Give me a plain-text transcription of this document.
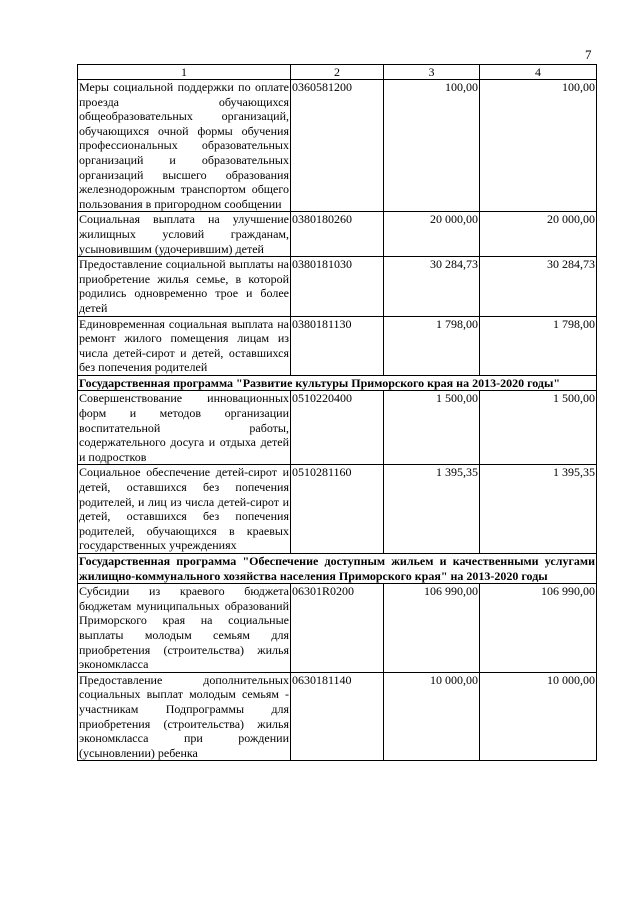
7
1	2	3	4
Меры социальной поддержки по оплате проезда обучающихся общеобразовательных организаций, обучающихся очной формы обучения профессиональных образовательных организаций и образовательных организаций высшего образования железнодорожным транспортом общего пользования в пригородном сообщении	0360581200	100,00	100,00
Социальная выплата на улучшение жилищных условий гражданам, усыновившим (удочерившим) детей	0380180260	20 000,00	20 000,00
Предоставление социальной выплаты на приобретение жилья семье, в которой родились одновременно трое и более детей	0380181030	30 284,73	30 284,73
Единовременная социальная выплата на ремонт жилого помещения лицам из числа детей-сирот и детей, оставшихся без попечения родителей	0380181130	1 798,00	1 798,00
Государственная программа "Развитие культуры Приморского края на 2013-2020 годы"			
Совершенствование инновационных форм и методов организации воспитательной работы, содержательного досуга и отдыха детей и подростков	0510220400	1 500,00	1 500,00
Социальное обеспечение детей-сирот и детей, оставшихся без попечения родителей, и лиц из числа детей-сирот и детей, оставшихся без попечения родителей, обучающихся в краевых государственных учреждениях	0510281160	1 395,35	1 395,35
Государственная программа "Обеспечение доступным жильем и качественными услугами жилищно-коммунального хозяйства населения Приморского края" на 2013-2020 годы			
Субсидии из краевого бюджета бюджетам муниципальных образований Приморского края на социальные выплаты молодым семьям для приобретения (строительства) жилья экономкласса	06301R0200	106 990,00	106 990,00
Предоставление дополнительных социальных выплат молодым семьям - участникам Подпрограммы для приобретения (строительства) жилья экономкласса при рождении (усыновлении) ребенка	0630181140	10 000,00	10 000,00
